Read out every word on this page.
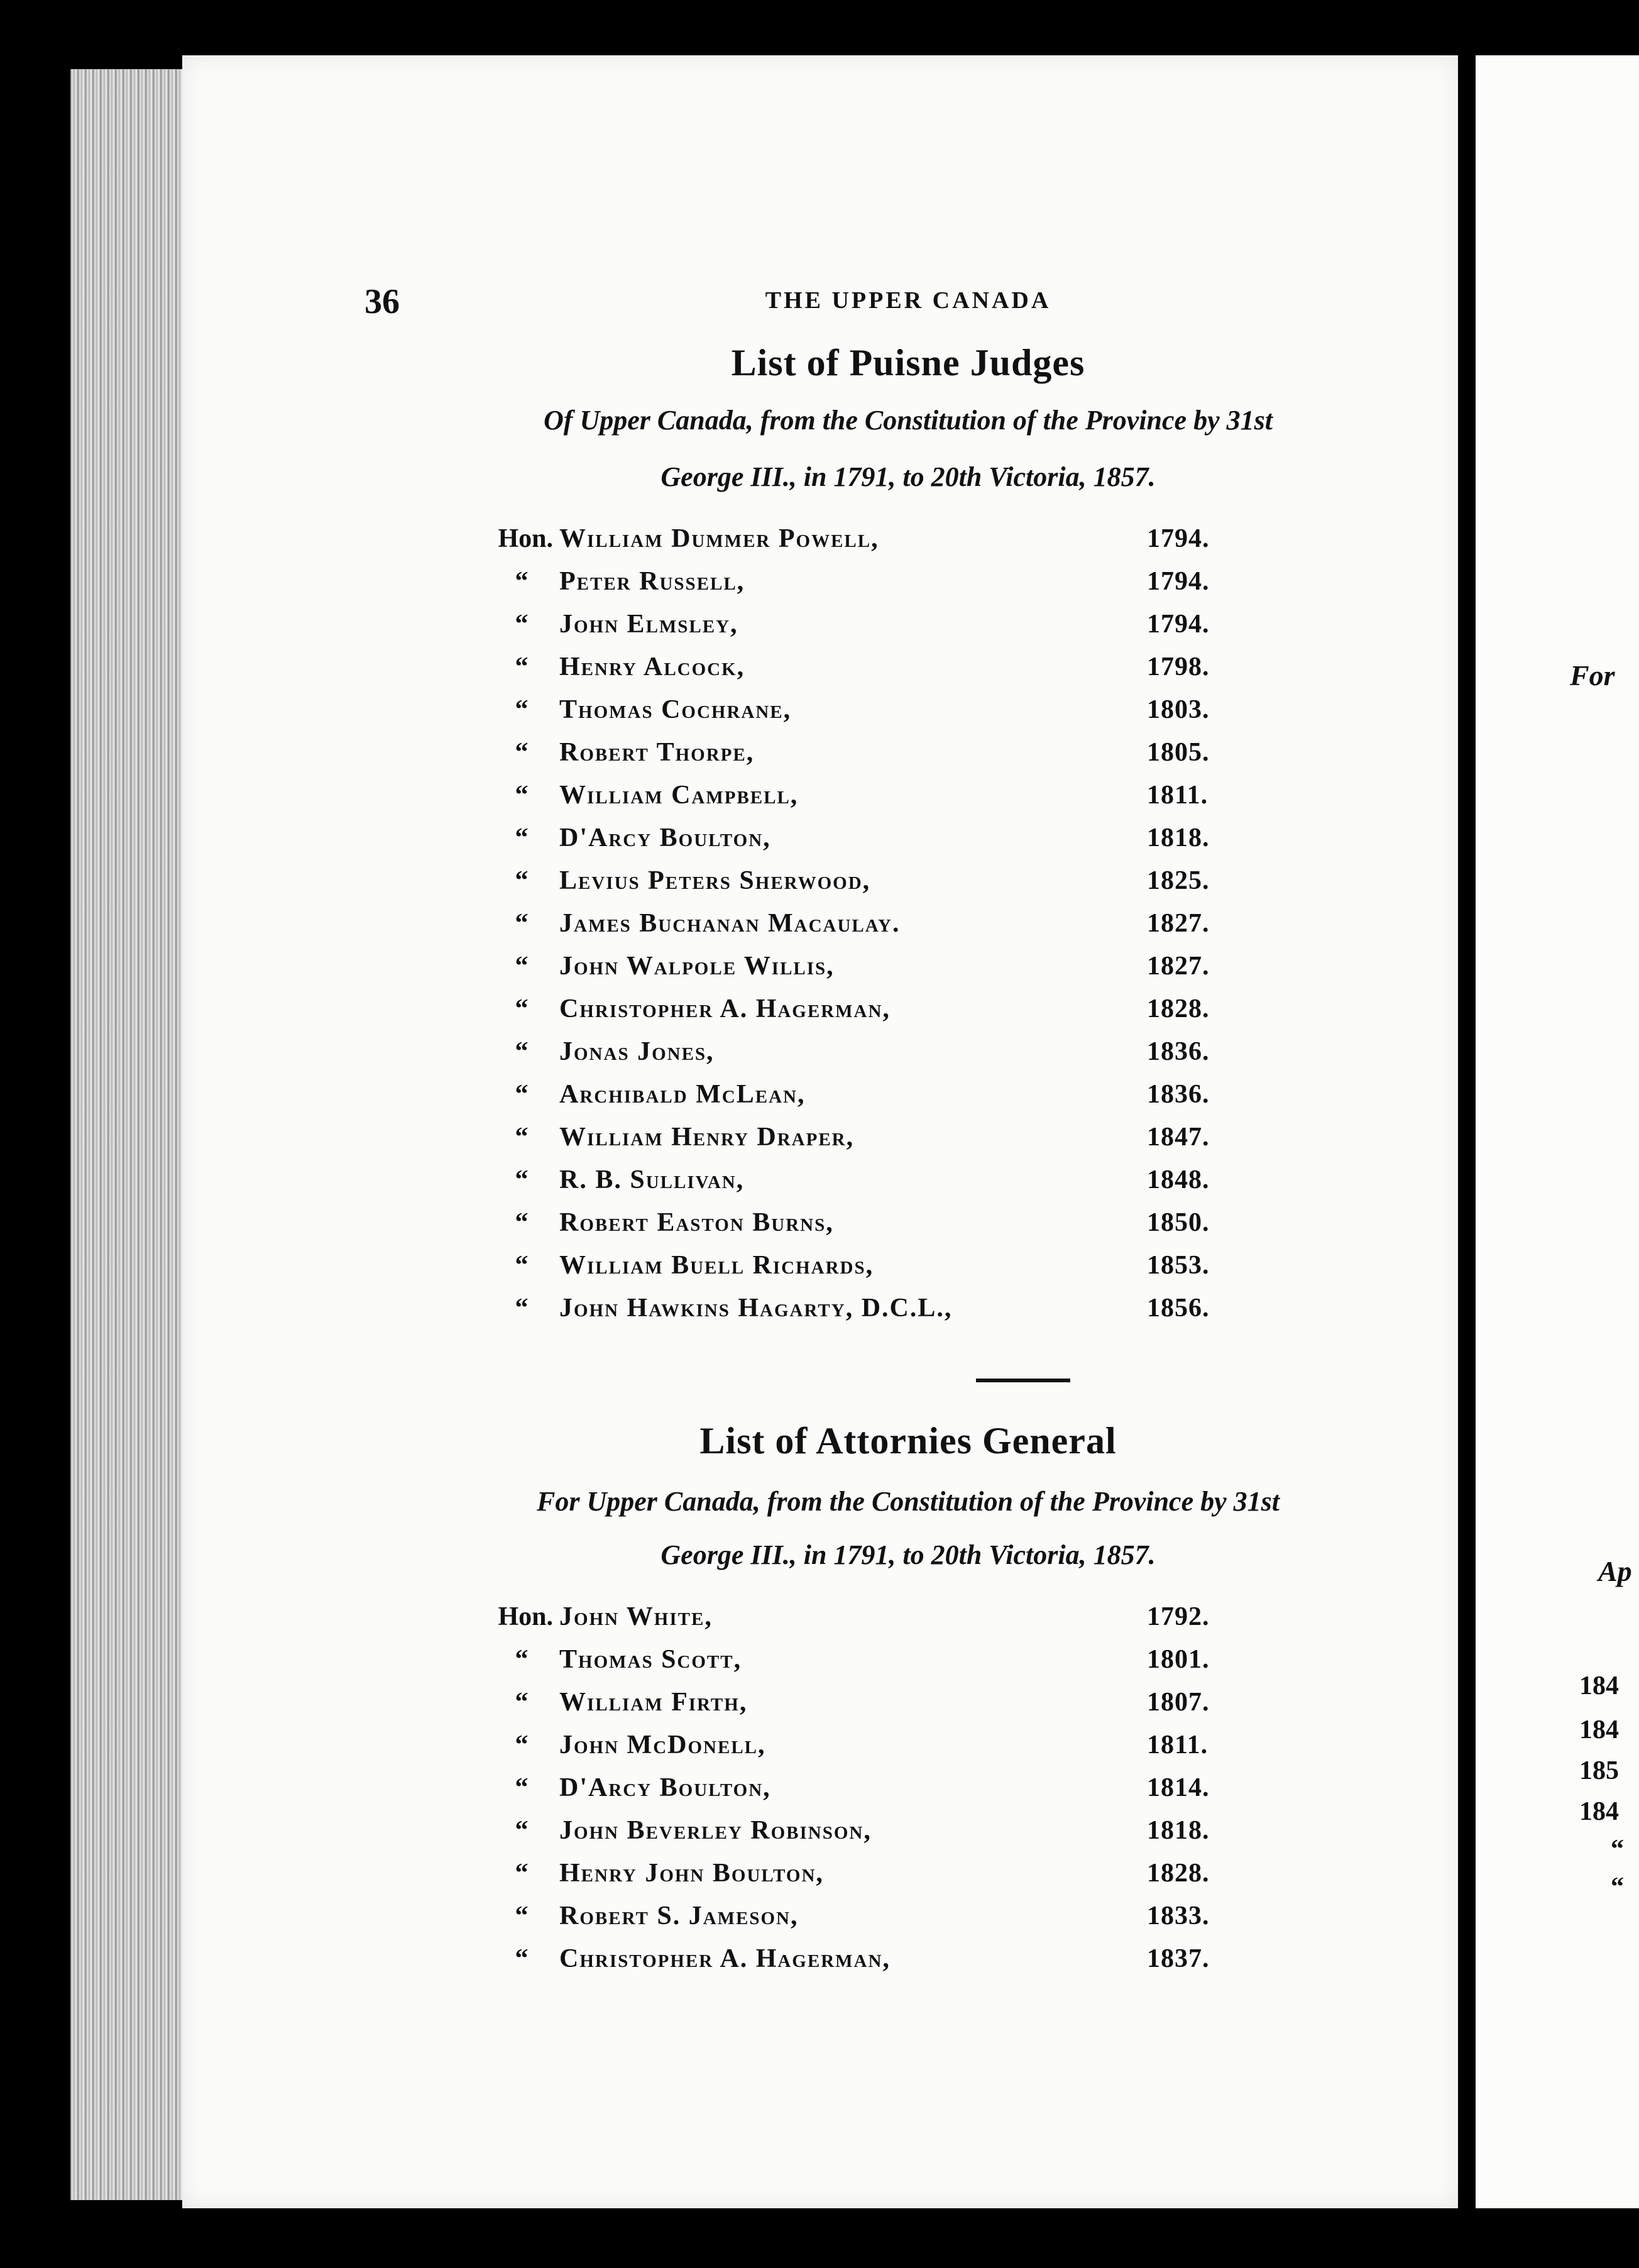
36	THE UPPER CANADA
List of Puisne Judges
Of Upper Canada, from the Constitution of the Province by 31st
George III., in 1791, to 20th Victoria, 1857.
Hon. William Dummer Powell,	1794.
“	Peter Russell,	1794.
“	John Elmsley,	1794.
“	Henry Alcock,	1798.
“	Thomas Cochrane,	1803.
“	Robert Thorpe,	1805.
“	William Campbell,	1811.
“	D'Arcy Boulton,	1818.
“	Levius Peters Sherwood,	1825.
“	James Buchanan Macaulay.	1827.
“	John Walpole Willis,	1827.
“	Christopher A. Hagerman,	1828.
“	Jonas Jones,	1836.
“	Archibald McLean,	1836.
“	William Henry Draper,	1847.
“	R. B. Sullivan,	1848.
“	Robert Easton Burns,	1850.
“	William Buell Richards,	1853.
“	John Hawkins Hagarty, D.C.L.,	1856.
List of Attornies General
For Upper Canada, from the Constitution of the Province by 31st
George III., in 1791, to 20th Victoria, 1857.
Hon. John White,	1792.
“	Thomas Scott,	1801.
“	William Firth,	1807.
“	John McDonell,	1811.
“	D'Arcy Boulton,	1814.
“	John Beverley Robinson,	1818.
“	Henry John Boulton,	1828.
“	Robert S. Jameson,	1833.
“	Christopher A. Hagerman,	1837.
For
Ap
184
184
185
184
“
“
